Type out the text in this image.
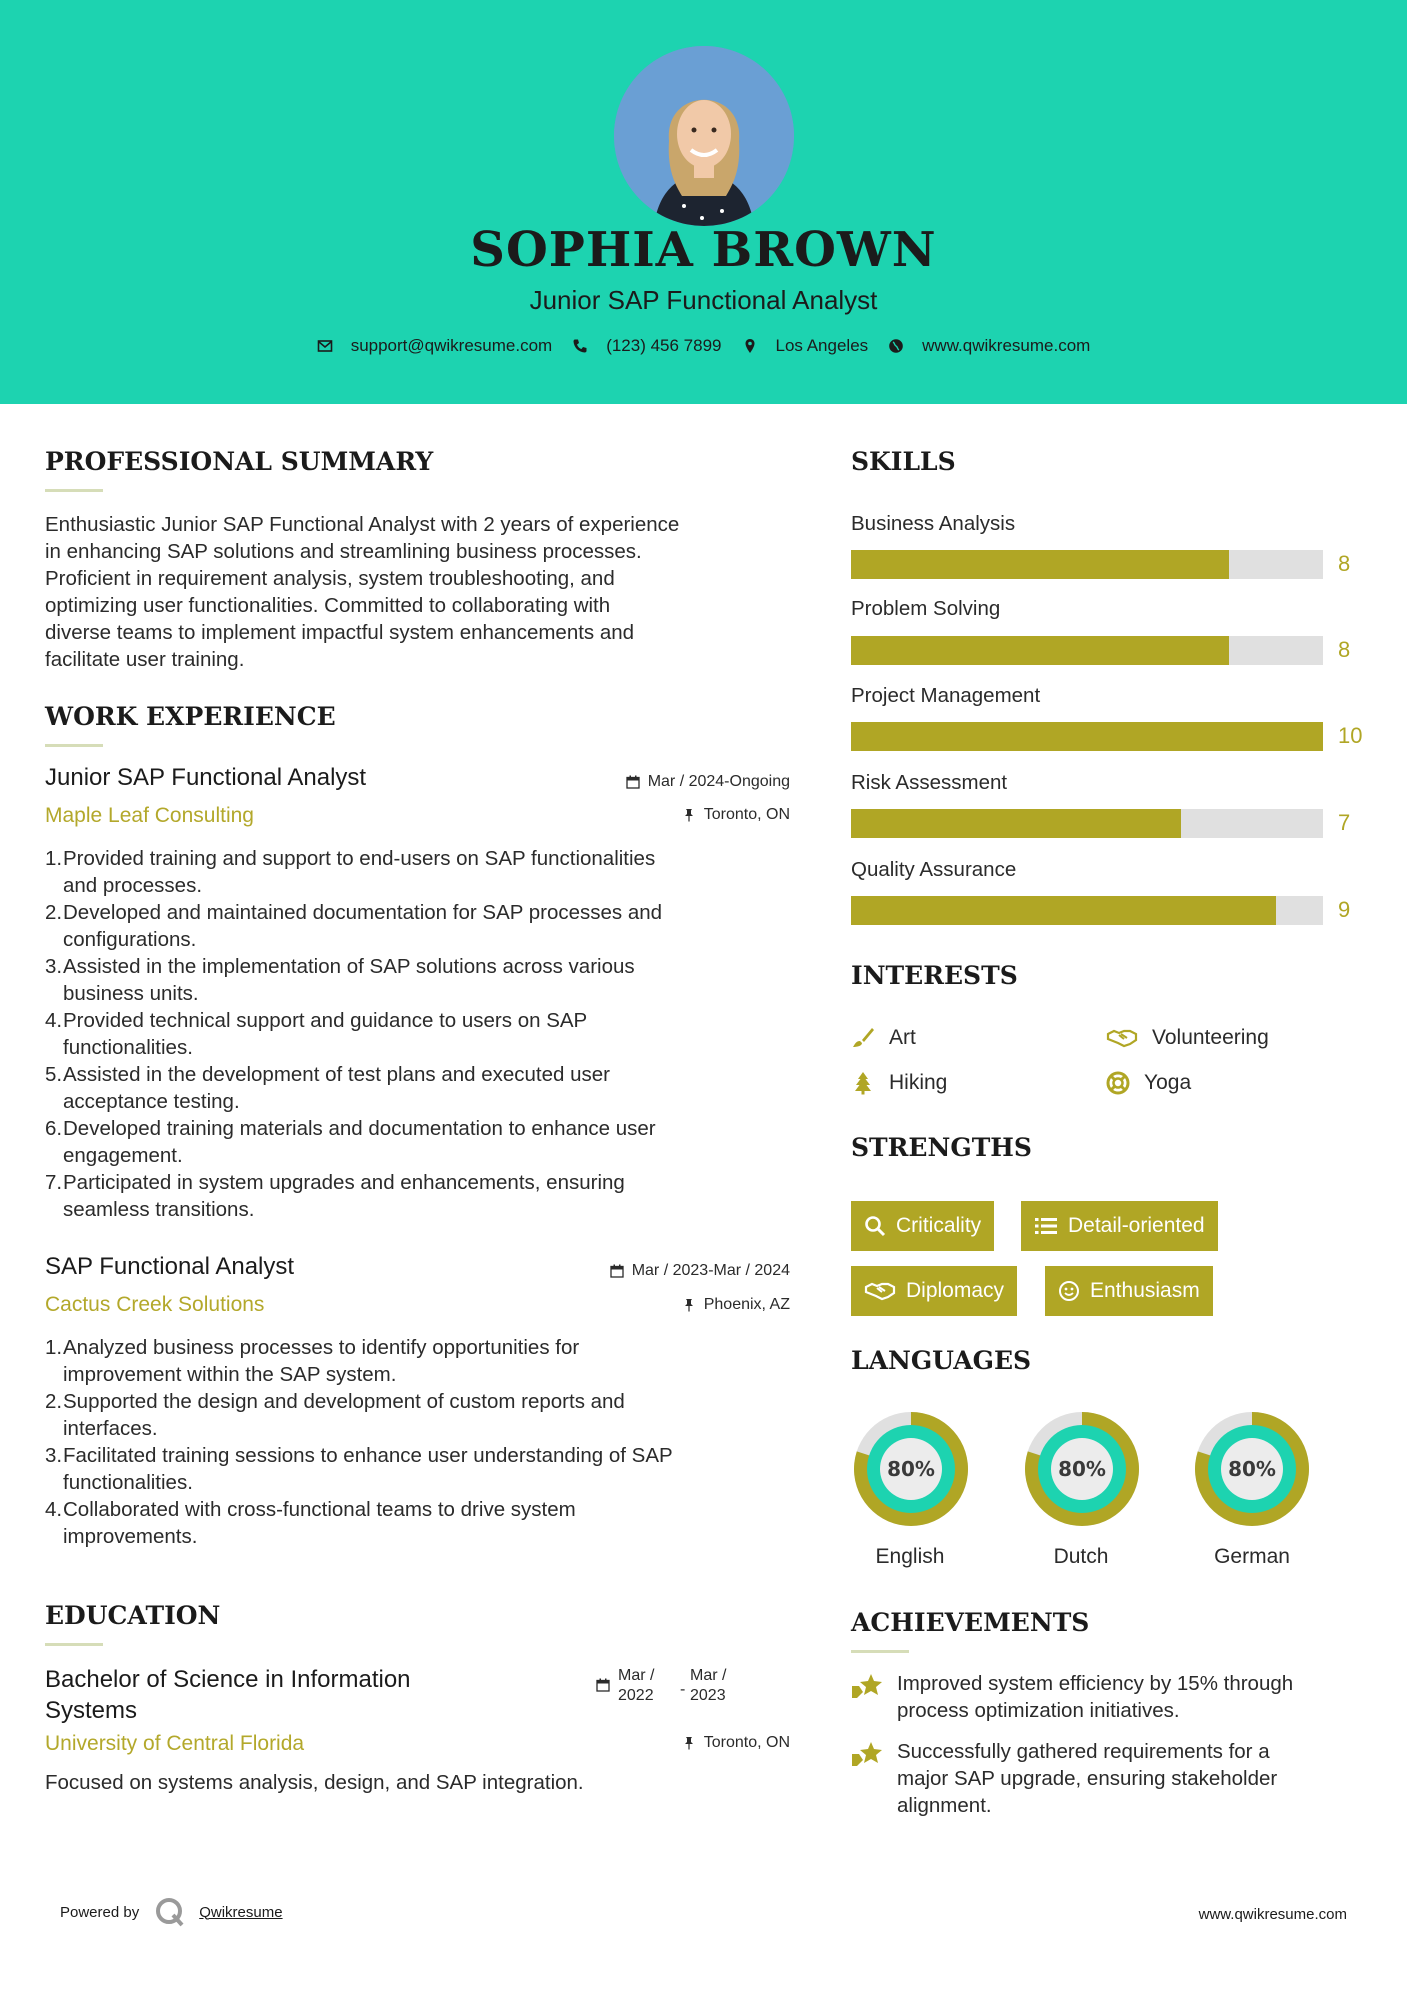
SOPHIA BROWN
Junior SAP Functional Analyst
support@qwikresume.com	(123) 456 7899	Los Angeles	www.qwikresume.com
PROFESSIONAL SUMMARY
Enthusiastic Junior SAP Functional Analyst with 2 years of experience
in enhancing SAP solutions and streamlining business processes.
Proficient in requirement analysis, system troubleshooting, and
optimizing user functionalities. Committed to collaborating with
diverse teams to implement impactful system enhancements and
facilitate user training.
WORK EXPERIENCE
Junior SAP Functional Analyst	Mar / 2024-Ongoing
Maple Leaf Consulting	Toronto, ON
1. Provided training and support to end-users on SAP functionalities
and processes.
2. Developed and maintained documentation for SAP processes and
configurations.
3. Assisted in the implementation of SAP solutions across various
business units.
4. Provided technical support and guidance to users on SAP
functionalities.
5. Assisted in the development of test plans and executed user
acceptance testing.
6. Developed training materials and documentation to enhance user
engagement.
7. Participated in system upgrades and enhancements, ensuring
seamless transitions.
SAP Functional Analyst	Mar / 2023-Mar / 2024
Cactus Creek Solutions	Phoenix, AZ
1. Analyzed business processes to identify opportunities for
improvement within the SAP system.
2. Supported the design and development of custom reports and
interfaces.
3. Facilitated training sessions to enhance user understanding of SAP
functionalities.
4. Collaborated with cross-functional teams to drive system
improvements.
EDUCATION
Bachelor of Science in Information
Systems
Mar /
2022	-
Mar /
2023
University of Central Florida	Toronto, ON
Focused on systems analysis, design, and SAP integration.
SKILLS
Business Analysis
8
Problem Solving
8
Project Management
10
Risk Assessment
7
Quality Assurance
9
INTERESTS
Art	Volunteering
Hiking	Yoga
STRENGTHS
Criticality	Detail-oriented
Diplomacy	Enthusiasm
LANGUAGES
80%
English
80%
Dutch
80%
German
ACHIEVEMENTS
Improved system efficiency by 15% through
process optimization initiatives.
Successfully gathered requirements for a
major SAP upgrade, ensuring stakeholder
alignment.
Powered by	Qwikresume	www.qwikresume.com
